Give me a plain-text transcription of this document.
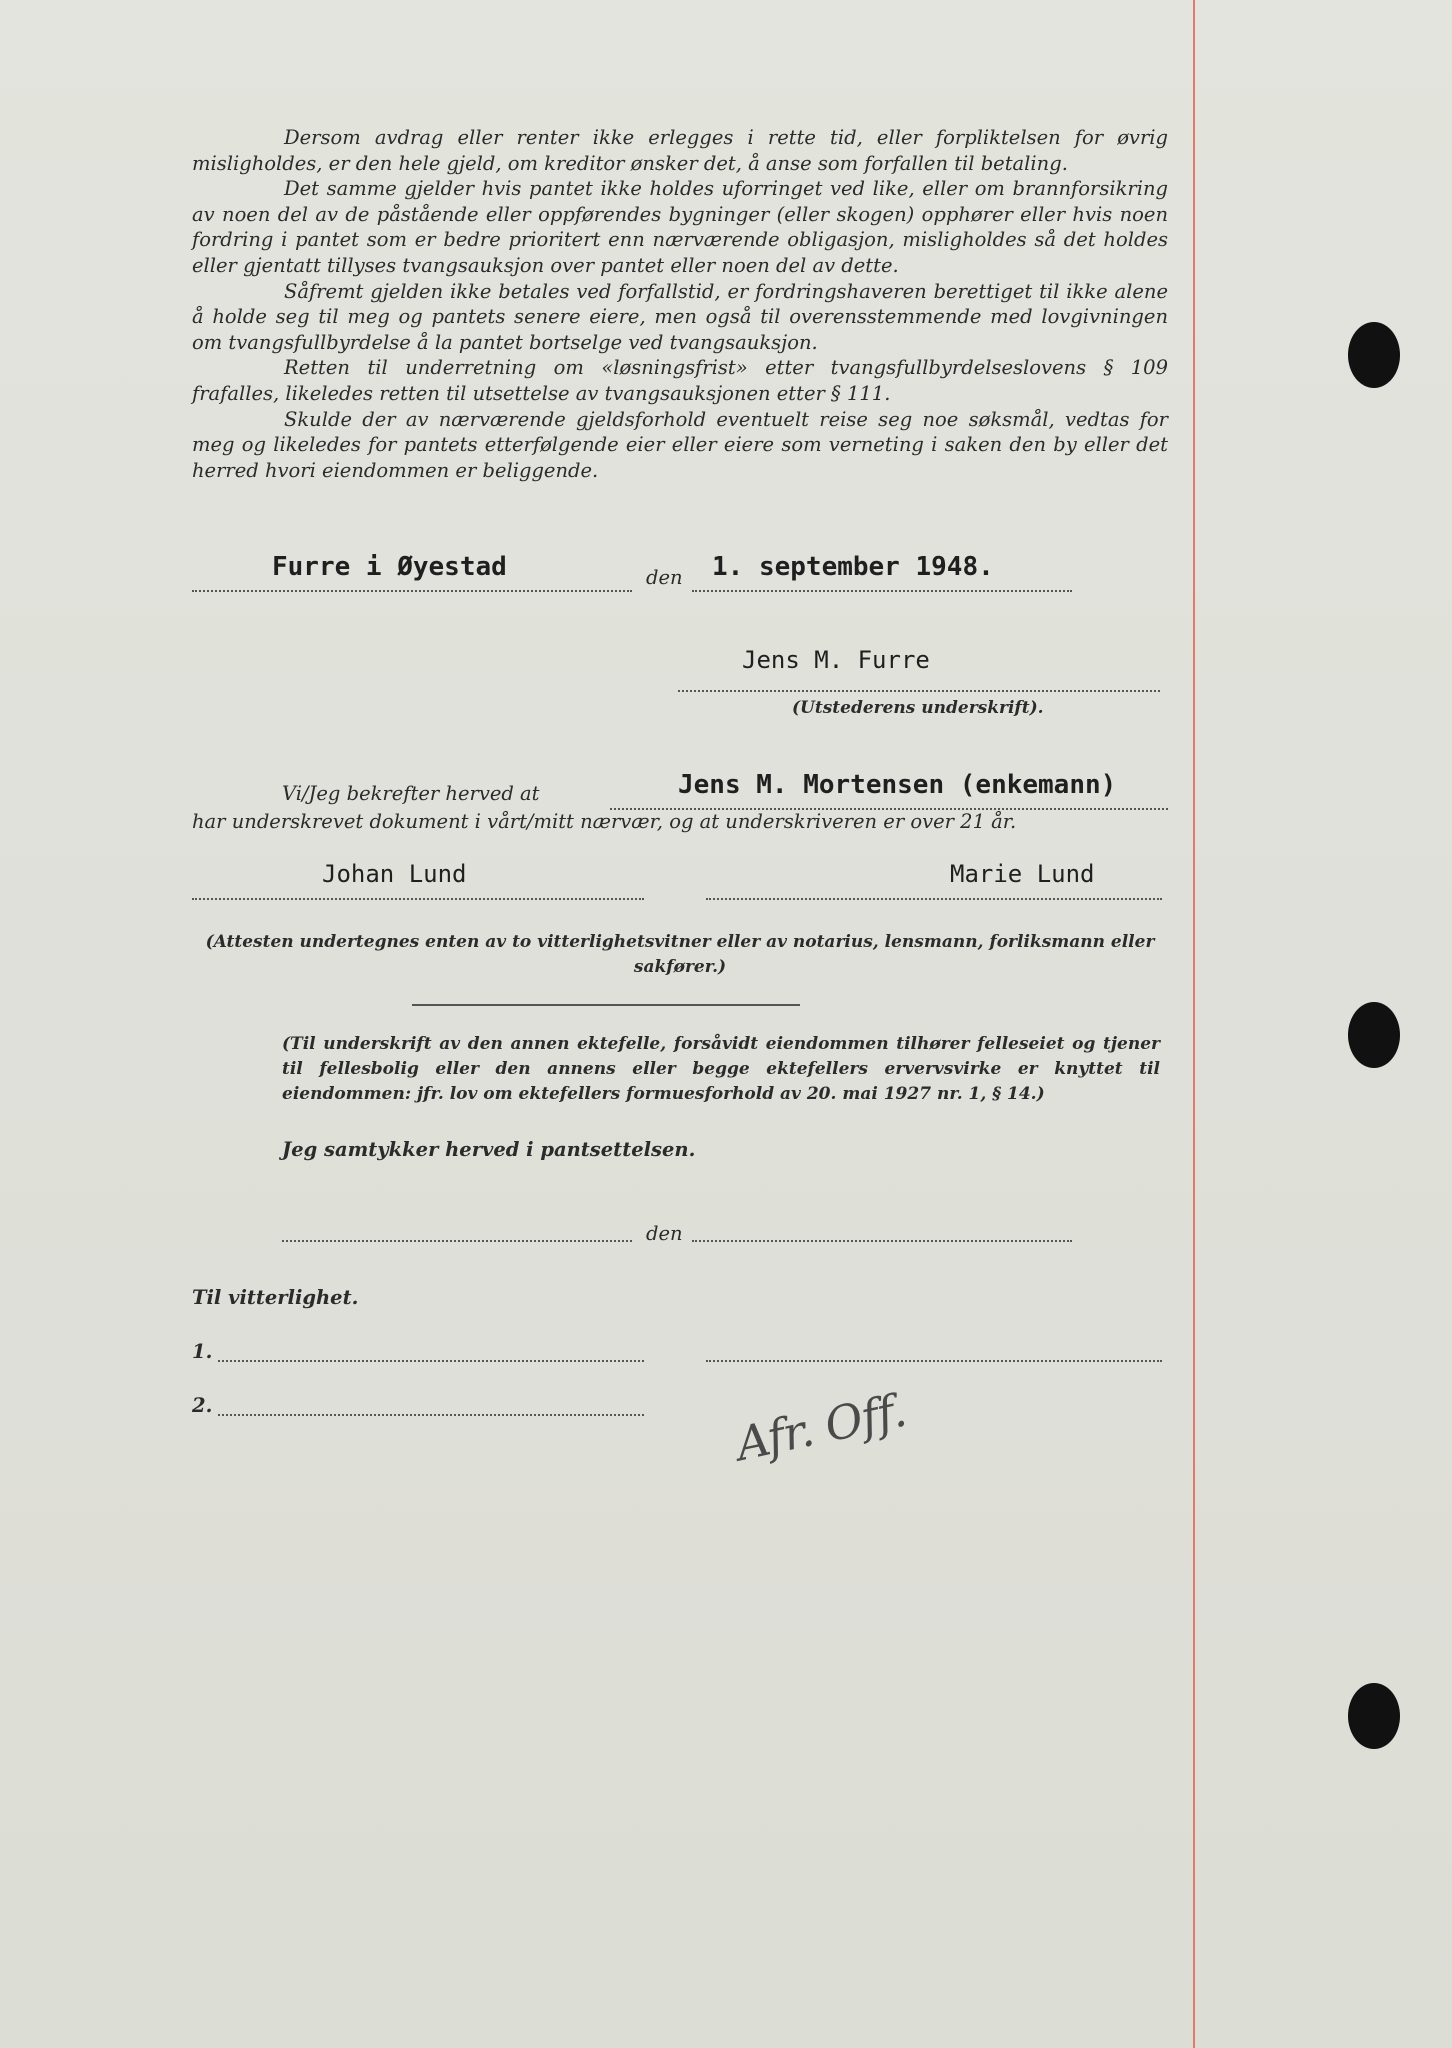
Dersom avdrag eller renter ikke erlegges i rette tid, eller forpliktelsen for øvrig misligholdes, er den hele gjeld, om kreditor ønsker det, å anse som forfallen til betaling.

Det samme gjelder hvis pantet ikke holdes uforringet ved like, eller om brannforsikring av noen del av de påstående eller oppførendes bygninger (eller skogen) opphører eller hvis noen fordring i pantet som er bedre prioritert enn nærværende obligasjon, misligholdes så det holdes eller gjentatt tillyses tvangsauksjon over pantet eller noen del av dette.

Såfremt gjelden ikke betales ved forfallstid, er fordringshaveren berettiget til ikke alene å holde seg til meg og pantets senere eiere, men også til overensstemmende med lovgivningen om tvangsfullbyrdelse å la pantet bortselge ved tvangsauksjon.

Retten til underretning om «løsningsfrist» etter tvangsfullbyrdelseslovens § 109 frafalles, likeledes retten til utsettelse av tvangsauksjonen etter § 111.

Skulde der av nærværende gjeldsforhold eventuelt reise seg noe søksmål, vedtas for meg og likeledes for pantets etterfølgende eier eller eiere som verneting i saken den by eller det herred hvori eiendommen er beliggende.

Furre i Øyestad	den 1. september 1948.
Jens M. Furre
(Utstederens underskrift).
Vi/Jeg bekrefter herved at	Jens M. Mortensen (enkemann)
har underskrevet dokument i vårt/mitt nærvær, og at underskriveren er over 21 år.
Johan Lund	Marie Lund
(Attesten undertegnes enten av to vitterlighetsvitner eller av notarius, lensmann, forliksmann eller sakfører.)
(Til underskrift av den annen ektefelle, forsåvidt eiendommen tilhører felleseiet og tjener til fellesbolig eller den annens eller begge ektefellers ervervsvirke er knyttet til eiendommen: jfr. lov om ektefellers formuesforhold av 20. mai 1927 nr. 1, § 14.)
Jeg samtykker herved i pantsettelsen.
den
Til vitterlighet.
1.
2.	Afr. Off.
